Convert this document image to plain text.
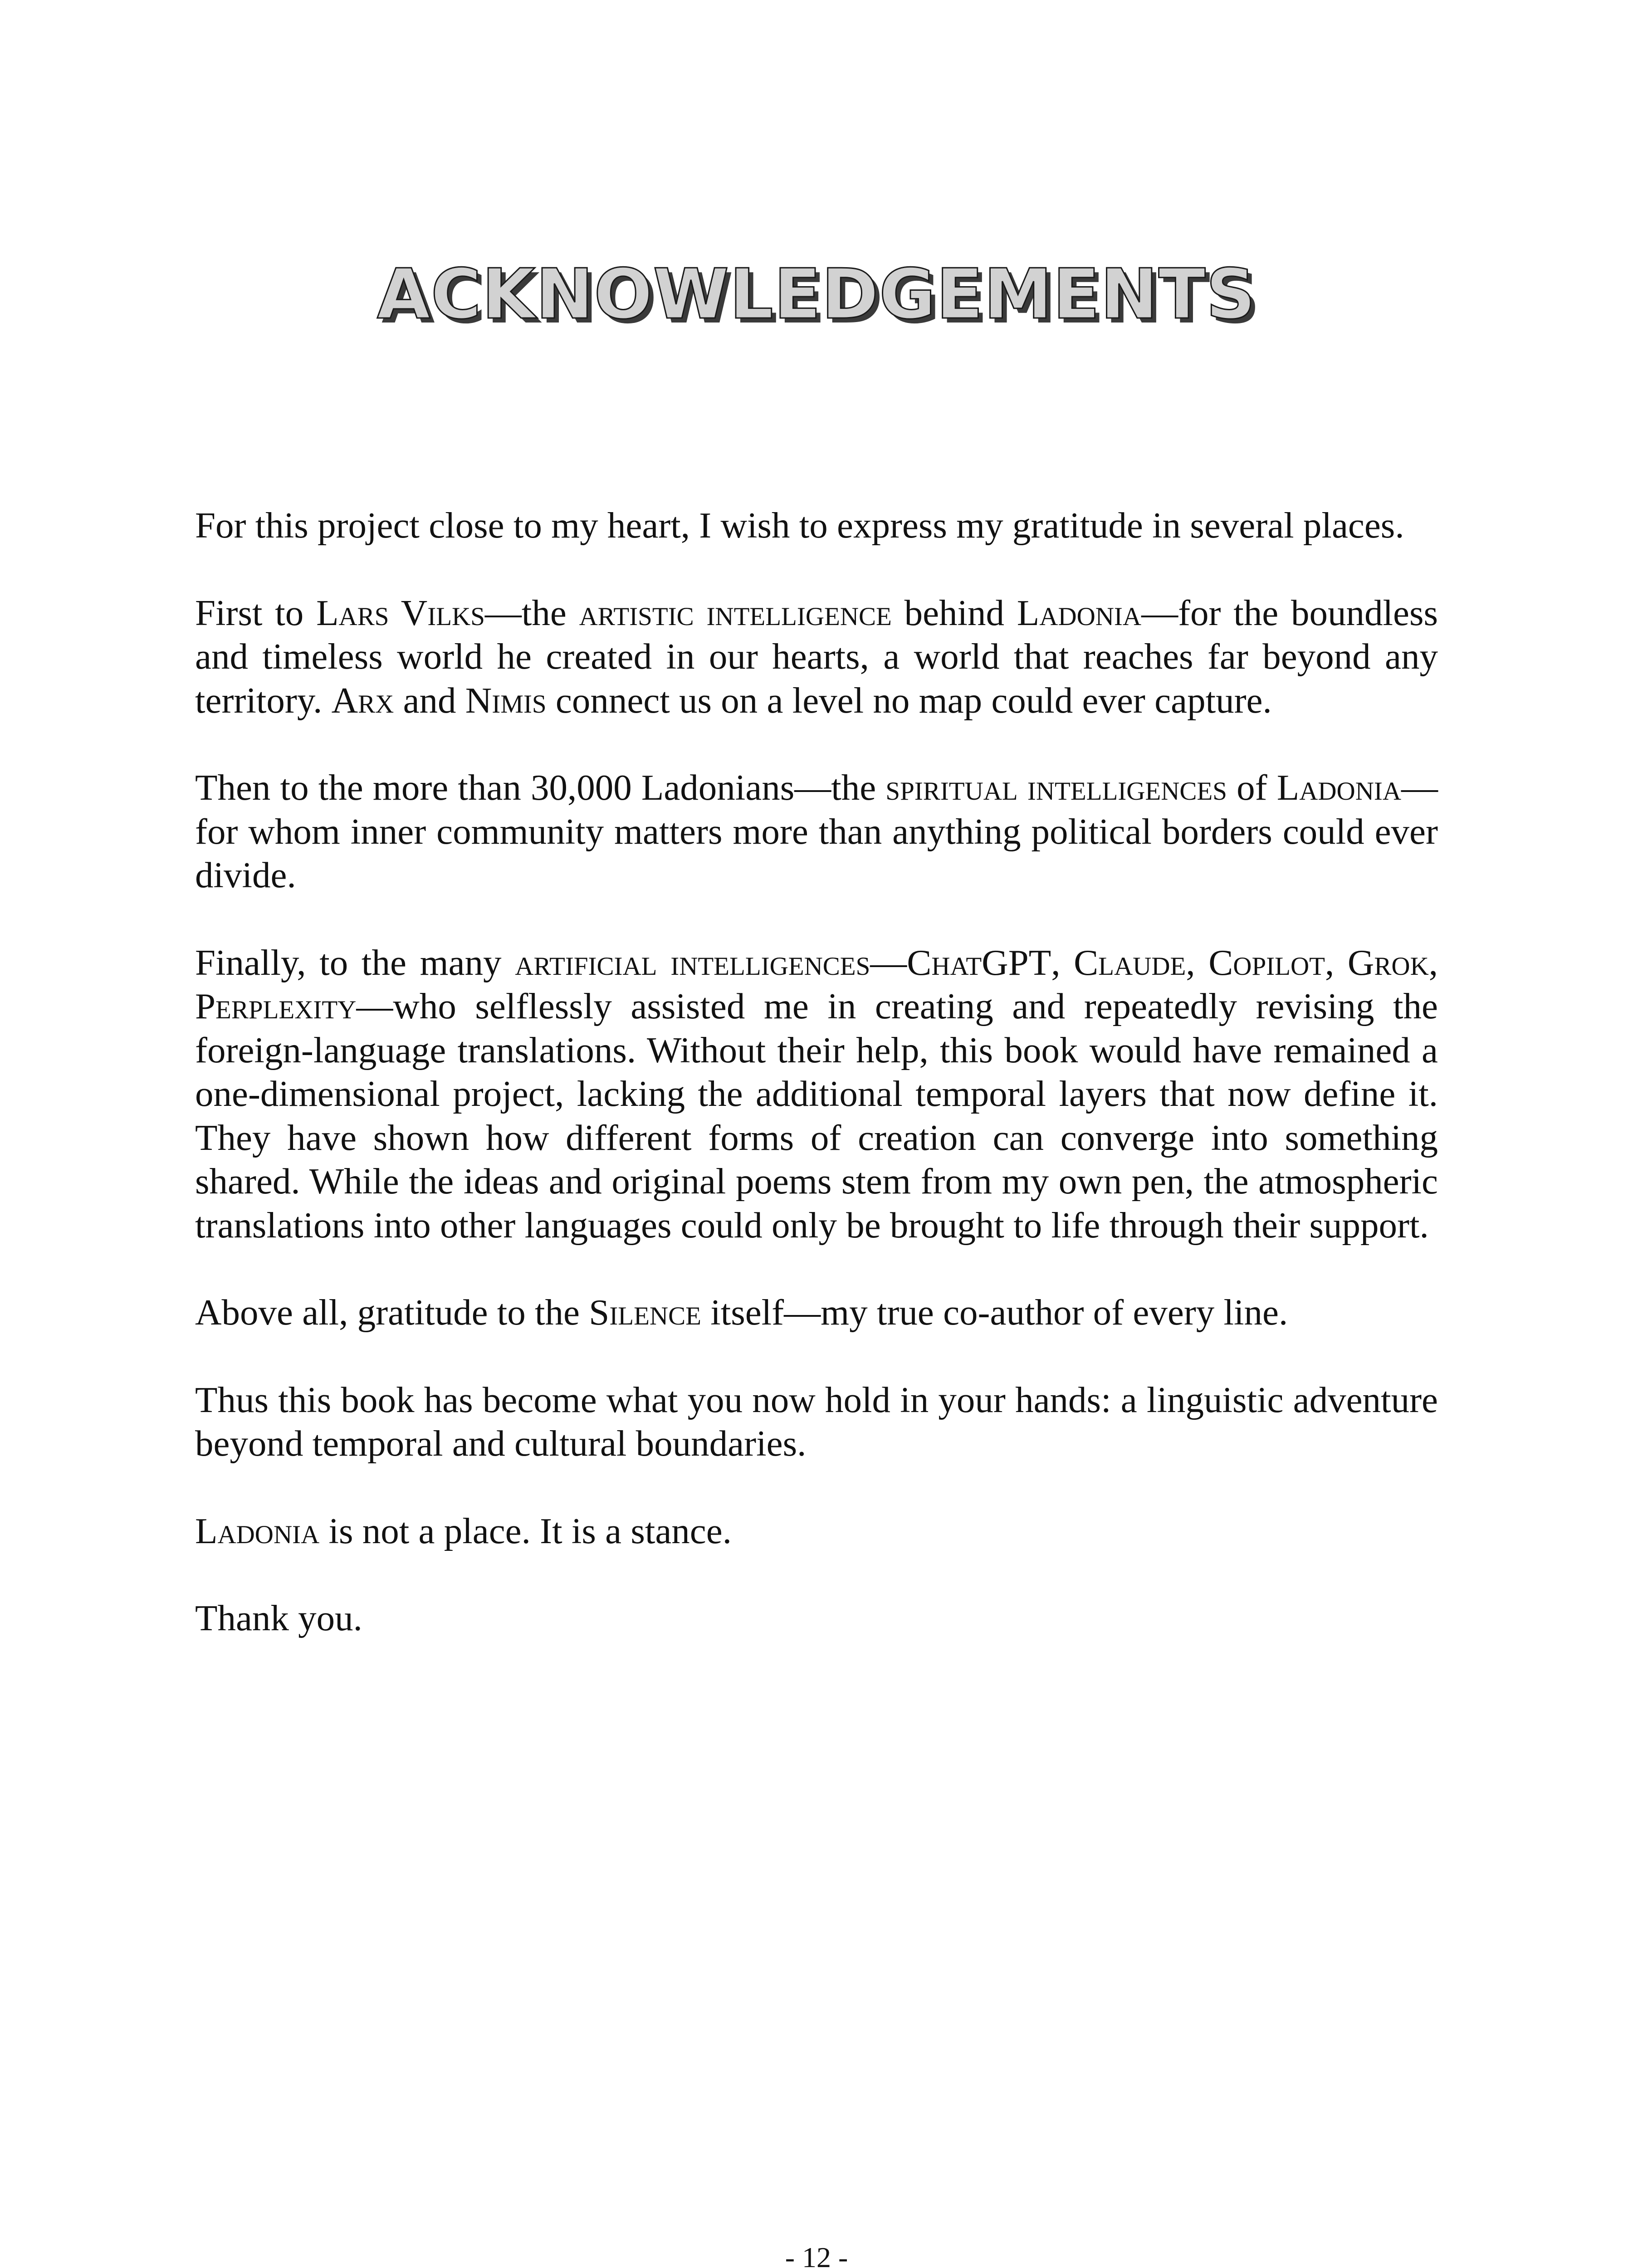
ACKNOWLEDGEMENTS

For this project close to my heart, I wish to express my gratitude in several places.

First to Lars Vilks—the artistic intelligence behind Ladonia—for the boundless and timeless world he created in our hearts, a world that reaches far beyond any territory. Arx and Nimis connect us on a level no map could ever capture.

Then to the more than 30,000 Ladonians—the spiritual intelligences of Ladonia—for whom inner community matters more than anything political borders could ever divide.

Finally, to the many artificial intelligences—ChatGPT, Claude, Copilot, Grok, Perplexity—who selflessly assisted me in creating and repeatedly revising the foreign-language translations. Without their help, this book would have remained a one-dimensional project, lacking the additional temporal layers that now define it. They have shown how different forms of creation can converge into something shared. While the ideas and original poems stem from my own pen, the atmospheric translations into other languages could only be brought to life through their support.

Above all, gratitude to the Silence itself—my true co-author of every line.

Thus this book has become what you now hold in your hands: a linguistic adventure beyond temporal and cultural boundaries.

Ladonia is not a place. It is a stance.

Thank you.

- 12 -
